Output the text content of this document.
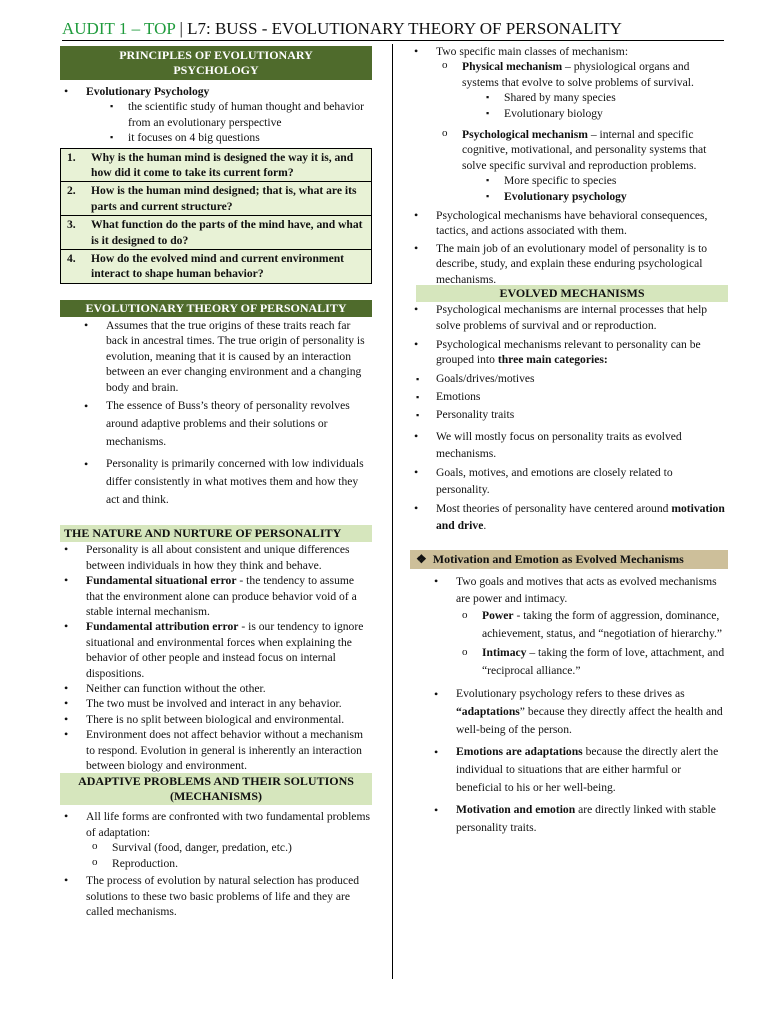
AUDIT 1 – TOP | L7: BUSS - EVOLUTIONARY THEORY OF PERSONALITY
PRINCIPLES OF EVOLUTIONARY PSYCHOLOGY
• Evolutionary Psychology
▪ the scientific study of human thought and behavior from an evolutionary perspective
▪ it focuses on 4 big questions
1. Why is the human mind is designed the way it is, and how did it come to take its current form?
2. How is the human mind designed; that is, what are its parts and current structure?
3. What function do the parts of the mind have, and what is it designed to do?
4. How do the evolved mind and current environment interact to shape human behavior?
EVOLUTIONARY THEORY OF PERSONALITY
• Assumes that the true origins of these traits reach far back in ancestral times. The true origin of personality is evolution, meaning that it is caused by an interaction between an ever changing environment and a changing body and brain.
• The essence of Buss’s theory of personality revolves around adaptive problems and their solutions or mechanisms.
• Personality is primarily concerned with low individuals differ consistently in what motives them and how they act and think.
THE NATURE AND NURTURE OF PERSONALITY
• Personality is all about consistent and unique differences between individuals in how they think and behave.
• Fundamental situational error - the tendency to assume that the environment alone can produce behavior void of a stable internal mechanism.
• Fundamental attribution error - is our tendency to ignore situational and environmental forces when explaining the behavior of other people and instead focus on internal dispositions.
• Neither can function without the other.
• The two must be involved and interact in any behavior.
• There is no split between biological and environmental.
• Environment does not affect behavior without a mechanism to respond. Evolution in general is inherently an interaction between biology and environment.
ADAPTIVE PROBLEMS AND THEIR SOLUTIONS (MECHANISMS)
• All life forms are confronted with two fundamental problems of adaptation:
o Survival (food, danger, predation, etc.)
o Reproduction.
• The process of evolution by natural selection has produced solutions to these two basic problems of life and they are called mechanisms.
• Two specific main classes of mechanism:
o Physical mechanism – physiological organs and systems that evolve to solve problems of survival.
▪ Shared by many species
▪ Evolutionary biology
o Psychological mechanism – internal and specific cognitive, motivational, and personality systems that solve specific survival and reproduction problems.
▪ More specific to species
▪ Evolutionary psychology
• Psychological mechanisms have behavioral consequences, tactics, and actions associated with them.
• The main job of an evolutionary model of personality is to describe, study, and explain these enduring psychological mechanisms.
EVOLVED MECHANISMS
• Psychological mechanisms are internal processes that help solve problems of survival and or reproduction.
• Psychological mechanisms relevant to personality can be grouped into three main categories:
▪ Goals/drives/motives
▪ Emotions
▪ Personality traits
• We will mostly focus on personality traits as evolved mechanisms.
• Goals, motives, and emotions are closely related to personality.
• Most theories of personality have centered around motivation and drive.
❖ Motivation and Emotion as Evolved Mechanisms
• Two goals and motives that acts as evolved mechanisms are power and intimacy.
o Power - taking the form of aggression, dominance, achievement, status, and “negotiation of hierarchy.”
o Intimacy – taking the form of love, attachment, and “reciprocal alliance.”
• Evolutionary psychology refers to these drives as “adaptations” because they directly affect the health and well-being of the person.
• Emotions are adaptations because the directly alert the individual to situations that are either harmful or beneficial to his or her well-being.
• Motivation and emotion are directly linked with stable personality traits.
